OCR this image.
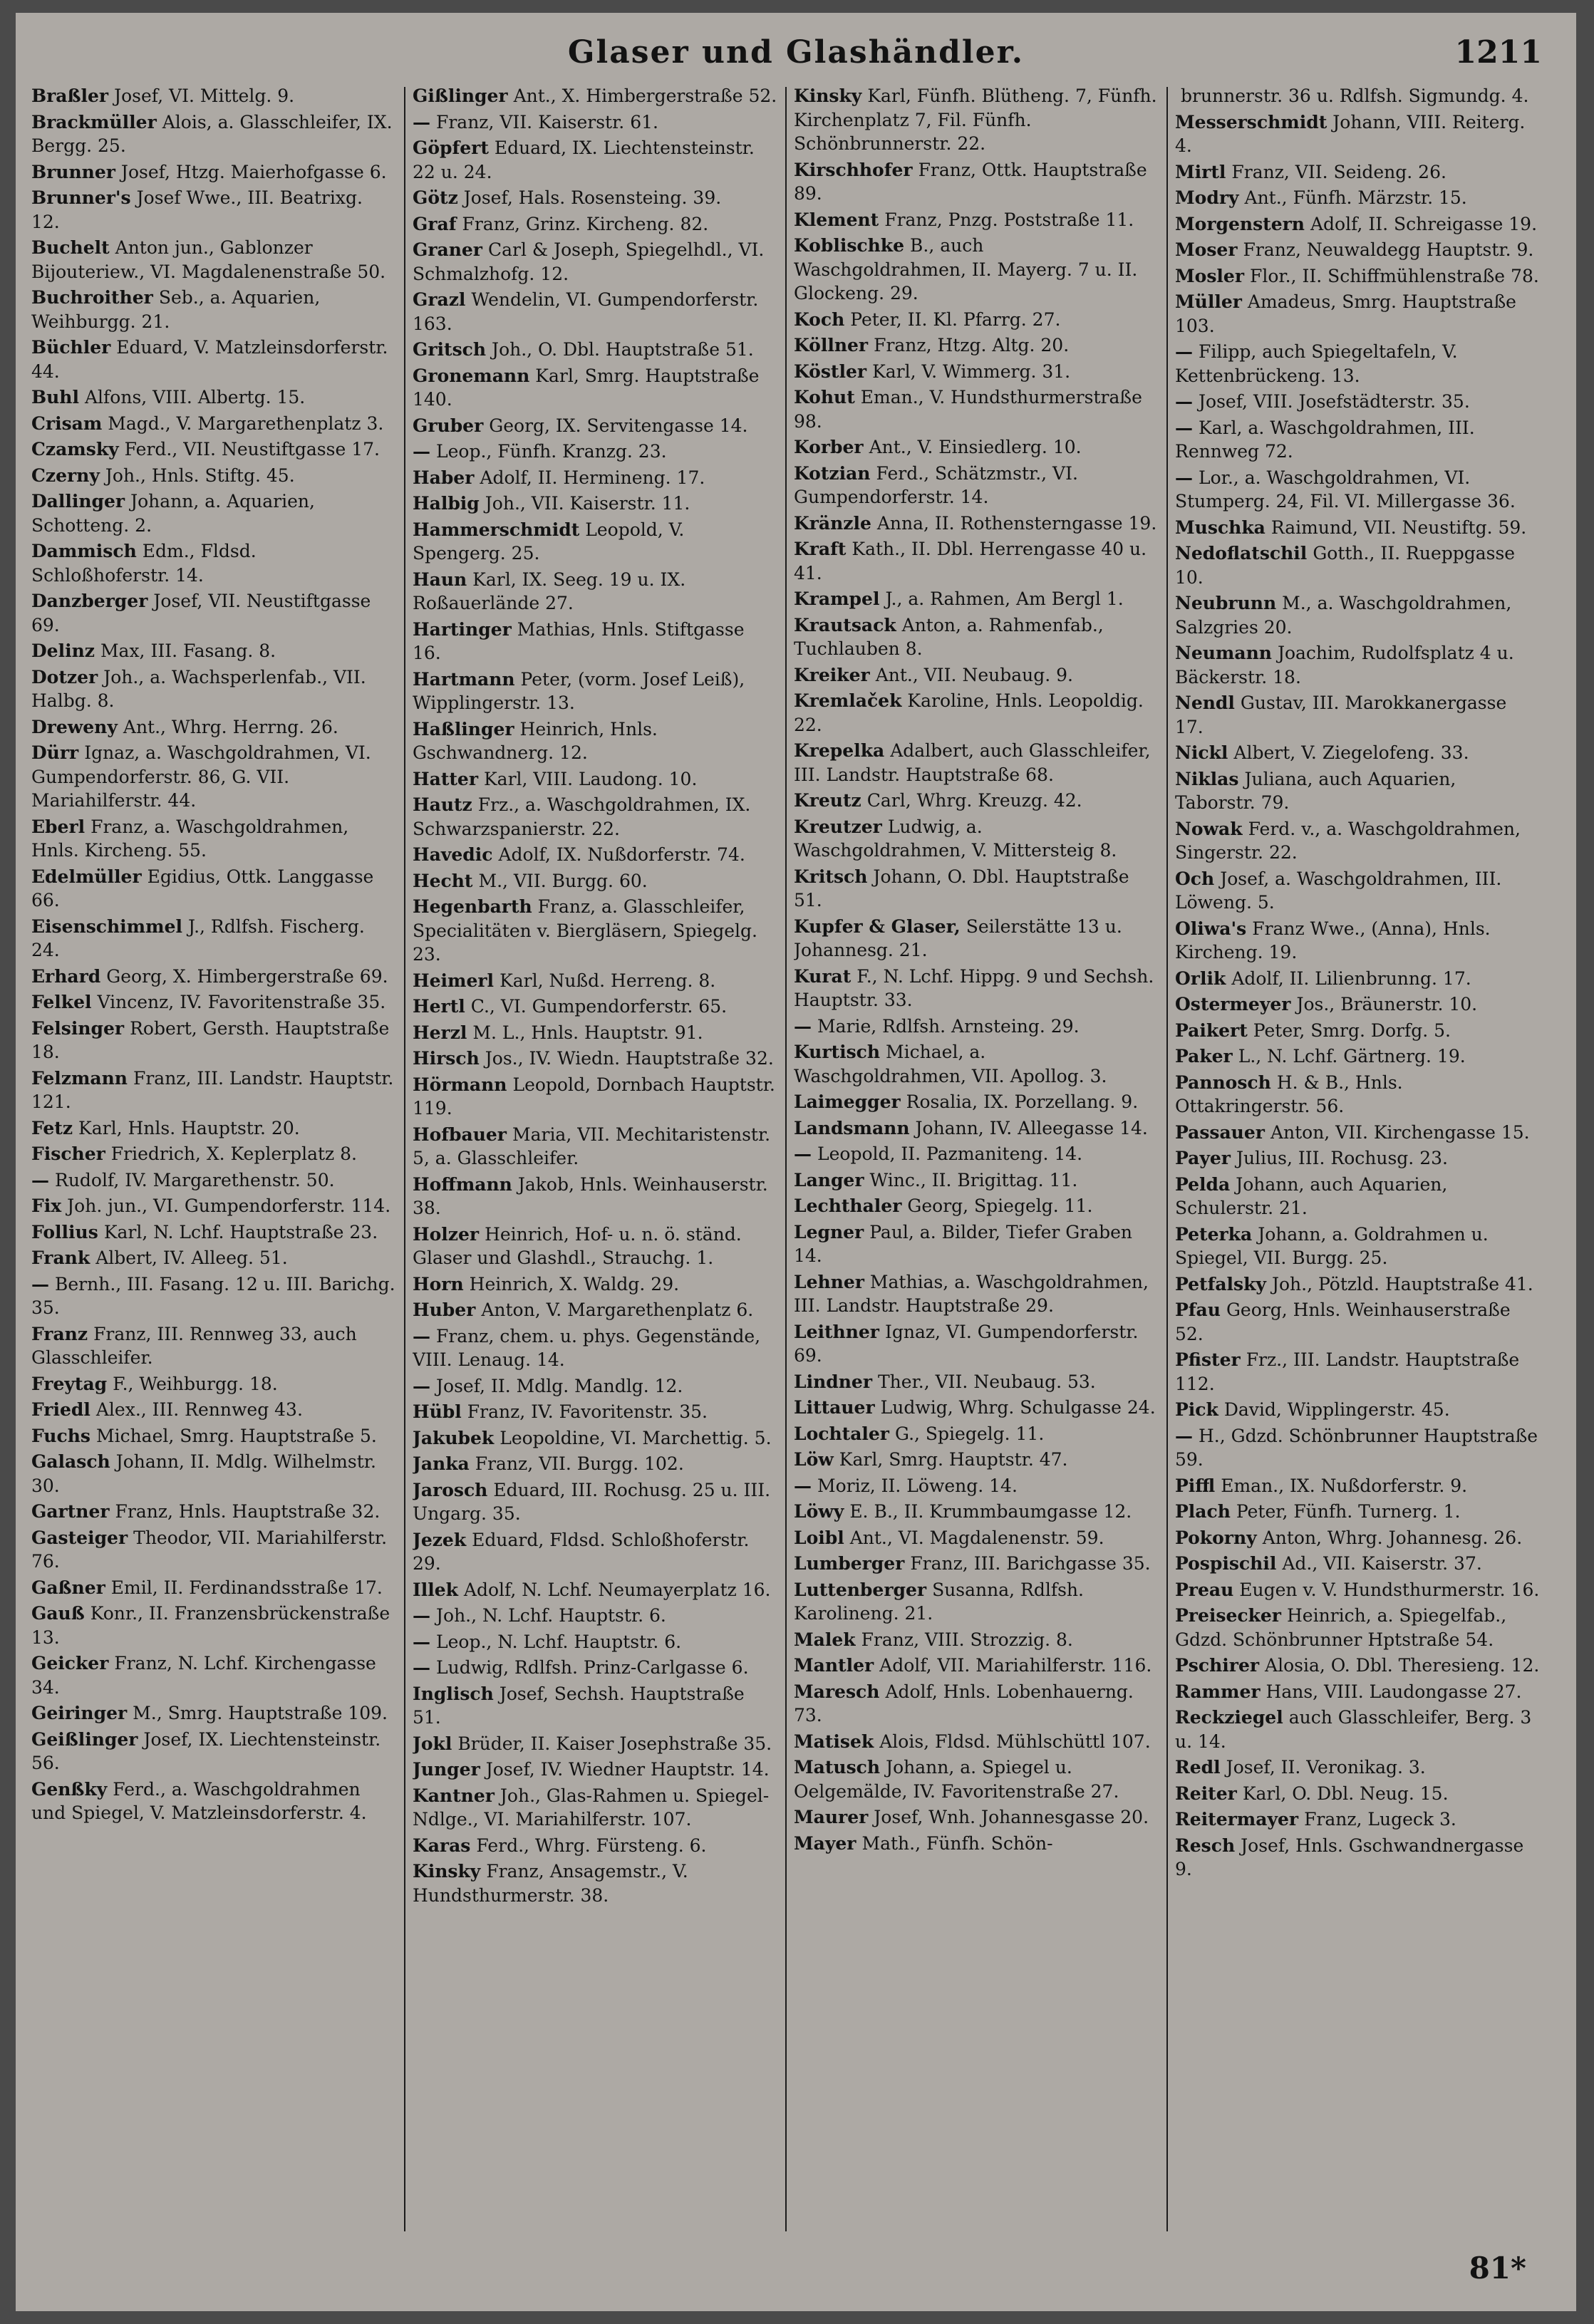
Glaser und Glashändler.	1211

Braßler Josef, VI. Mittelg. 9.

Brackmüller Alois, a. Glasschleifer, IX. Bergg. 25.

Brunner Josef, Htzg. Maierhofgasse 6.

Brunner's Josef Wwe., III. Beatrixg. 12.

Buchelt Anton jun., Gablonzer Bijouteriew., VI. Magdalenenstraße 50.

Buchroither Seb., a. Aquarien, Weihburgg. 21.

Büchler Eduard, V. Matzleinsdorferstr. 44.

Buhl Alfons, VIII. Albertg. 15.

Crisam Magd., V. Margarethenplatz 3.

Czamsky Ferd., VII. Neustiftgasse 17.

Czerny Joh., Hnls. Stiftg. 45.

Dallinger Johann, a. Aquarien, Schotteng. 2.

Dammisch Edm., Fldsd. Schloßhoferstr. 14.

Danzberger Josef, VII. Neustiftgasse 69.

Delinz Max, III. Fasang. 8.

Dotzer Joh., a. Wachsperlenfab., VII. Halbg. 8.

Dreweny Ant., Whrg. Herrng. 26.

Dürr Ignaz, a. Waschgoldrahmen, VI. Gumpendorferstr. 86, G. VII. Mariahilferstr. 44.

Eberl Franz, a. Waschgoldrahmen, Hnls. Kircheng. 55.

Edelmüller Egidius, Ottk. Langgasse 66.

Eisenschimmel J., Rdlfsh. Fischerg. 24.

Erhard Georg, X. Himbergerstraße 69.

Felkel Vincenz, IV. Favoritenstraße 35.

Felsinger Robert, Gersth. Hauptstraße 18.

Felzmann Franz, III. Landstr. Hauptstr. 121.

Fetz Karl, Hnls. Hauptstr. 20.

Fischer Friedrich, X. Keplerplatz 8.

— Rudolf, IV. Margarethenstr. 50.

Fix Joh. jun., VI. Gumpendorferstr. 114.

Follius Karl, N. Lchf. Hauptstraße 23.

Frank Albert, IV. Alleeg. 51.

— Bernh., III. Fasang. 12 u. III. Barichg. 35.

Franz Franz, III. Rennweg 33, auch Glasschleifer.

Freytag F., Weihburgg. 18.

Friedl Alex., III. Rennweg 43.

Fuchs Michael, Smrg. Hauptstraße 5.

Galasch Johann, II. Mdlg. Wilhelmstr. 30.

Gartner Franz, Hnls. Hauptstraße 32.

Gasteiger Theodor, VII. Mariahilferstr. 76.

Gaßner Emil, II. Ferdinandsstraße 17.

Gauß Konr., II. Franzensbrückenstraße 13.

Geicker Franz, N. Lchf. Kirchengasse 34.

Geiringer M., Smrg. Hauptstraße 109.

Geißlinger Josef, IX. Liechtensteinstr. 56.

Genßky Ferd., a. Waschgoldrahmen und Spiegel, V. Matzleinsdorferstr. 4.

Gißlinger Ant., X. Himbergerstraße 52.

— Franz, VII. Kaiserstr. 61.

Göpfert Eduard, IX. Liechtensteinstr. 22 u. 24.

Götz Josef, Hals. Rosensteing. 39.

Graf Franz, Grinz. Kircheng. 82.

Graner Carl & Joseph, Spiegelhdl., VI. Schmalzhofg. 12.

Grazl Wendelin, VI. Gumpendorferstr. 163.

Gritsch Joh., O. Dbl. Hauptstraße 51.

Gronemann Karl, Smrg. Hauptstraße 140.

Gruber Georg, IX. Servitengasse 14.

— Leop., Fünfh. Kranzg. 23.

Haber Adolf, II. Hermineng. 17.

Halbig Joh., VII. Kaiserstr. 11.

Hammerschmidt Leopold, V. Spengerg. 25.

Haun Karl, IX. Seeg. 19 u. IX. Roßauerlände 27.

Hartinger Mathias, Hnls. Stiftgasse 16.

Hartmann Peter, (vorm. Josef Leiß), Wipplingerstr. 13.

Haßlinger Heinrich, Hnls. Gschwandnerg. 12.

Hatter Karl, VIII. Laudong. 10.

Hautz Frz., a. Waschgoldrahmen, IX. Schwarzspanierstr. 22.

Havedic Adolf, IX. Nußdorferstr. 74.

Hecht M., VII. Burgg. 60.

Hegenbarth Franz, a. Glasschleifer, Specialitäten v. Biergläsern, Spiegelg. 23.

Heimerl Karl, Nußd. Herreng. 8.

Hertl C., VI. Gumpendorferstr. 65.

Herzl M. L., Hnls. Hauptstr. 91.

Hirsch Jos., IV. Wiedn. Hauptstraße 32.

Hörmann Leopold, Dornbach Hauptstr. 119.

Hofbauer Maria, VII. Mechitaristenstr. 5, a. Glasschleifer.

Hoffmann Jakob, Hnls. Weinhauserstr. 38.

Holzer Heinrich, Hof- u. n. ö. ständ. Glaser und Glashdl., Strauchg. 1.

Horn Heinrich, X. Waldg. 29.

Huber Anton, V. Margarethenplatz 6.

— Franz, chem. u. phys. Gegenstände, VIII. Lenaug. 14.

— Josef, II. Mdlg. Mandlg. 12.

Hübl Franz, IV. Favoritenstr. 35.

Jakubek Leopoldine, VI. Marchettig. 5.

Janka Franz, VII. Burgg. 102.

Jarosch Eduard, III. Rochusg. 25 u. III. Ungarg. 35.

Jezek Eduard, Fldsd. Schloßhoferstr. 29.

Illek Adolf, N. Lchf. Neumayerplatz 16.

— Joh., N. Lchf. Hauptstr. 6.

— Leop., N. Lchf. Hauptstr. 6.

— Ludwig, Rdlfsh. Prinz-Carlgasse 6.

Inglisch Josef, Sechsh. Hauptstraße 51.

Jokl Brüder, II. Kaiser Josephstraße 35.

Junger Josef, IV. Wiedner Hauptstr. 14.

Kantner Joh., Glas-Rahmen u. Spiegel-Ndlge., VI. Mariahilferstr. 107.

Karas Ferd., Whrg. Fürsteng. 6.

Kinsky Franz, Ansagemstr., V. Hundsthurmerstr. 38.

Kinsky Karl, Fünfh. Blütheng. 7, Fünfh. Kirchenplatz 7, Fil. Fünfh. Schönbrunnerstr. 22.

Kirschhofer Franz, Ottk. Hauptstraße 89.

Klement Franz, Pnzg. Poststraße 11.

Koblischke B., auch Waschgoldrahmen, II. Mayerg. 7 u. II. Glockeng. 29.

Koch Peter, II. Kl. Pfarrg. 27.

Köllner Franz, Htzg. Altg. 20.

Köstler Karl, V. Wimmerg. 31.

Kohut Eman., V. Hundsthurmerstraße 98.

Korber Ant., V. Einsiedlerg. 10.

Kotzian Ferd., Schätzmstr., VI. Gumpendorferstr. 14.

Kränzle Anna, II. Rothensterngasse 19.

Kraft Kath., II. Dbl. Herrengasse 40 u. 41.

Krampel J., a. Rahmen, Am Bergl 1.

Krautsack Anton, a. Rahmenfab., Tuchlauben 8.

Kreiker Ant., VII. Neubaug. 9.

Kremlaček Karoline, Hnls. Leopoldig. 22.

Krepelka Adalbert, auch Glasschleifer, III. Landstr. Hauptstraße 68.

Kreutz Carl, Whrg. Kreuzg. 42.

Kreutzer Ludwig, a. Waschgoldrahmen, V. Mittersteig 8.

Kritsch Johann, O. Dbl. Hauptstraße 51.

Kupfer & Glaser, Seilerstätte 13 u. Johannesg. 21.

Kurat F., N. Lchf. Hippg. 9 und Sechsh. Hauptstr. 33.

— Marie, Rdlfsh. Arnsteing. 29.

Kurtisch Michael, a. Waschgoldrahmen, VII. Apollog. 3.

Laimegger Rosalia, IX. Porzellang. 9.

Landsmann Johann, IV. Alleegasse 14.

— Leopold, II. Pazmaniteng. 14.

Langer Winc., II. Brigittag. 11.

Lechthaler Georg, Spiegelg. 11.

Legner Paul, a. Bilder, Tiefer Graben 14.

Lehner Mathias, a. Waschgoldrahmen, III. Landstr. Hauptstraße 29.

Leithner Ignaz, VI. Gumpendorferstr. 69.

Lindner Ther., VII. Neubaug. 53.

Littauer Ludwig, Whrg. Schulgasse 24.

Lochtaler G., Spiegelg. 11.

Löw Karl, Smrg. Hauptstr. 47.

— Moriz, II. Löweng. 14.

Löwy E. B., II. Krummbaumgasse 12.

Loibl Ant., VI. Magdalenenstr. 59.

Lumberger Franz, III. Barichgasse 35.

Luttenberger Susanna, Rdlfsh. Karolineng. 21.

Malek Franz, VIII. Strozzig. 8.

Mantler Adolf, VII. Mariahilferstr. 116.

Maresch Adolf, Hnls. Lobenhauerng. 73.

Matisek Alois, Fldsd. Mühlschüttl 107.

Matusch Johann, a. Spiegel u. Oelgemälde, IV. Favoritenstraße 27.

Maurer Josef, Wnh. Johannesgasse 20.

Mayer Math., Fünfh. Schön-

brunnerstr. 36 u. Rdlfsh. Sigmundg. 4.

Messerschmidt Johann, VIII. Reiterg. 4.

Mirtl Franz, VII. Seideng. 26.

Modry Ant., Fünfh. Märzstr. 15.

Morgenstern Adolf, II. Schreigasse 19.

Moser Franz, Neuwaldegg Hauptstr. 9.

Mosler Flor., II. Schiffmühlenstraße 78.

Müller Amadeus, Smrg. Hauptstraße 103.

— Filipp, auch Spiegeltafeln, V. Kettenbrückeng. 13.

— Josef, VIII. Josefstädterstr. 35.

— Karl, a. Waschgoldrahmen, III. Rennweg 72.

— Lor., a. Waschgoldrahmen, VI. Stumperg. 24, Fil. VI. Millergasse 36.

Muschka Raimund, VII. Neustiftg. 59.

Nedoflatschil Gotth., II. Rueppgasse 10.

Neubrunn M., a. Waschgoldrahmen, Salzgries 20.

Neumann Joachim, Rudolfsplatz 4 u. Bäckerstr. 18.

Nendl Gustav, III. Marokkanergasse 17.

Nickl Albert, V. Ziegelofeng. 33.

Niklas Juliana, auch Aquarien, Taborstr. 79.

Nowak Ferd. v., a. Waschgoldrahmen, Singerstr. 22.

Och Josef, a. Waschgoldrahmen, III. Löweng. 5.

Oliwa's Franz Wwe., (Anna), Hnls. Kircheng. 19.

Orlik Adolf, II. Lilienbrunng. 17.

Ostermeyer Jos., Bräunerstr. 10.

Paikert Peter, Smrg. Dorfg. 5.

Paker L., N. Lchf. Gärtnerg. 19.

Pannosch H. & B., Hnls. Ottakringerstr. 56.

Passauer Anton, VII. Kirchengasse 15.

Payer Julius, III. Rochusg. 23.

Pelda Johann, auch Aquarien, Schulerstr. 21.

Peterka Johann, a. Goldrahmen u. Spiegel, VII. Burgg. 25.

Petfalsky Joh., Pötzld. Hauptstraße 41.

Pfau Georg, Hnls. Weinhauserstraße 52.

Pfister Frz., III. Landstr. Hauptstraße 112.

Pick David, Wipplingerstr. 45.

— H., Gdzd. Schönbrunner Hauptstraße 59.

Piffl Eman., IX. Nußdorferstr. 9.

Plach Peter, Fünfh. Turnerg. 1.

Pokorny Anton, Whrg. Johannesg. 26.

Pospischil Ad., VII. Kaiserstr. 37.

Preau Eugen v. V. Hundsthurmerstr. 16.

Preisecker Heinrich, a. Spiegelfab., Gdzd. Schönbrunner Hptstraße 54.

Pschirer Alosia, O. Dbl. Theresieng. 12.

Rammer Hans, VIII. Laudongasse 27.

Reckziegel auch Glasschleifer, Berg. 3 u. 14.

Redl Josef, II. Veronikag. 3.

Reiter Karl, O. Dbl. Neug. 15.

Reitermayer Franz, Lugeck 3.

Resch Josef, Hnls. Gschwandnergasse 9.

81*
